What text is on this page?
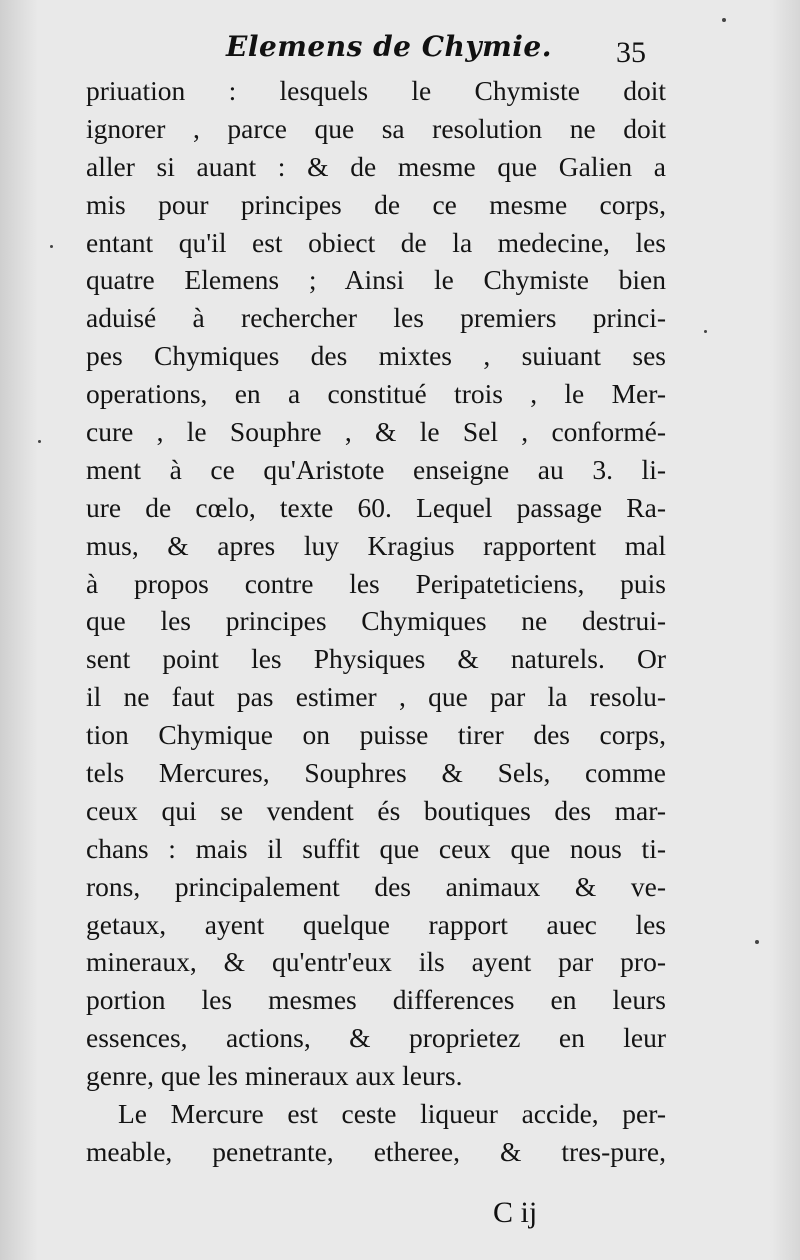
Elemens de Chymie. 35
priuation : lesquels le Chymiste doit
ignorer , parce que sa resolution ne doit
aller si auant : & de mesme que Galien a
mis pour principes de ce mesme corps,
entant qu'il est obiect de la medecine, les
quatre Elemens ; Ainsi le Chymiste bien
aduisé à rechercher les premiers princi-
pes Chymiques des mixtes , suiuant ses
operations, en a constitué trois , le Mer-
cure , le Souphre , & le Sel , conformé-
ment à ce qu'Aristote enseigne au 3. li-
ure de cœlo, texte 60. Lequel passage Ra-
mus, & apres luy Kragius rapportent mal
à propos contre les Peripateticiens, puis
que les principes Chymiques ne destrui-
sent point les Physiques & naturels. Or
il ne faut pas estimer , que par la resolu-
tion Chymique on puisse tirer des corps,
tels Mercures, Souphres & Sels, comme
ceux qui se vendent és boutiques des mar-
chans : mais il suffit que ceux que nous ti-
rons, principalement des animaux & ve-
getaux, ayent quelque rapport auec les
mineraux, & qu'entr'eux ils ayent par pro-
portion les mesmes differences en leurs
essences, actions, & proprietez en leur
genre, que les mineraux aux leurs.
Le Mercure est ceste liqueur accide, per-
meable, penetrante, etheree, & tres-pure,
C ij
